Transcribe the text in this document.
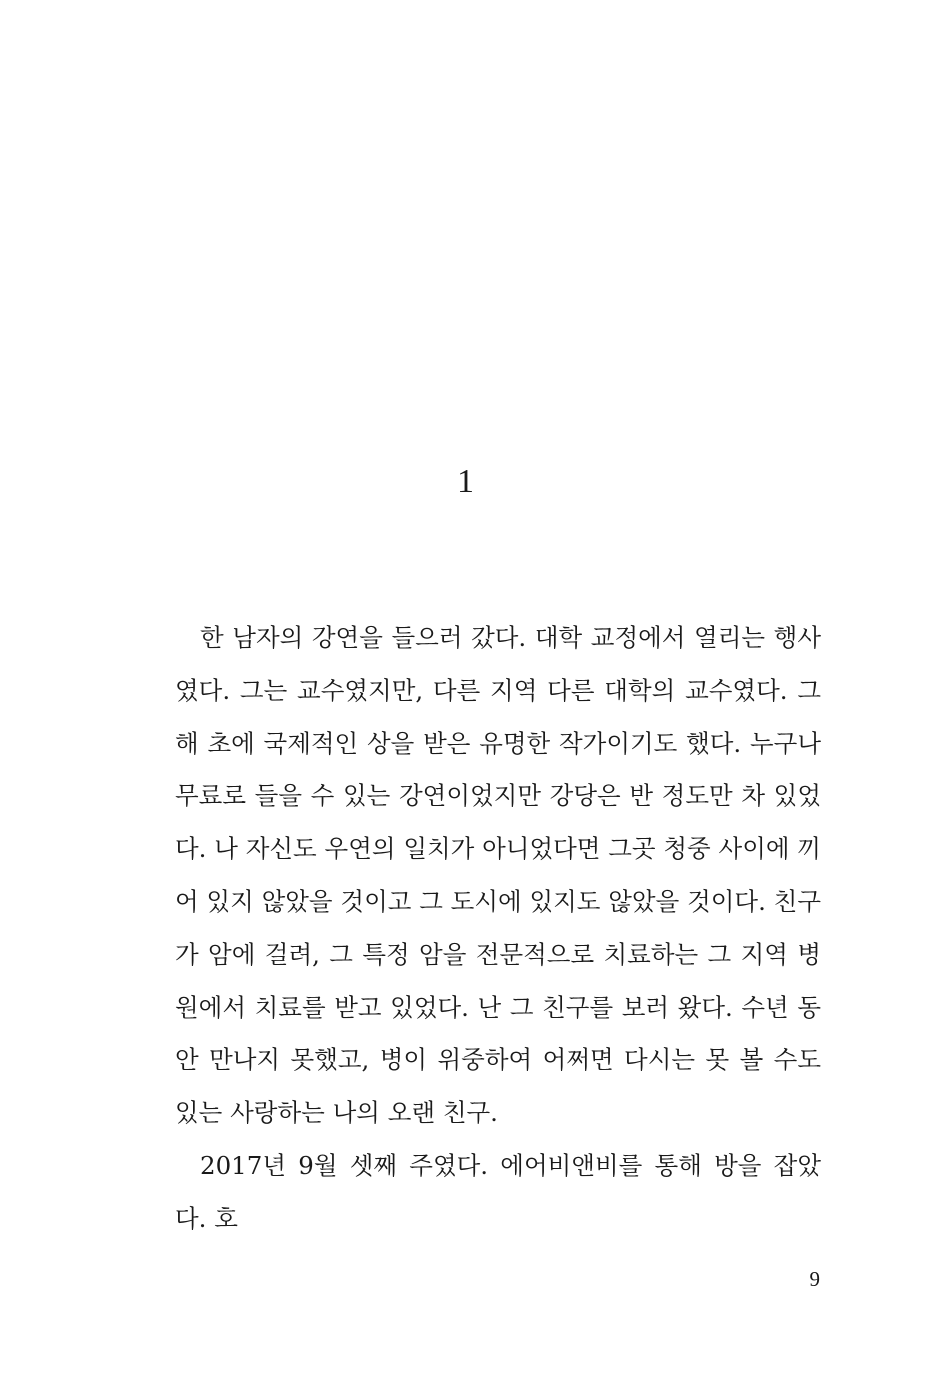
1

한 남자의 강연을 들으러 갔다. 대학 교정에서 열리는 행사였다. 그는 교수였지만, 다른 지역 다른 대학의 교수였다. 그해 초에 국제적인 상을 받은 유명한 작가이기도 했다. 누구나 무료로 들을 수 있는 강연이었지만 강당은 반 정도만 차 있었다. 나 자신도 우연의 일치가 아니었다면 그곳 청중 사이에 끼어 있지 않았을 것이고 그 도시에 있지도 않았을 것이다. 친구가 암에 걸려, 그 특정 암을 전문적으로 치료하는 그 지역 병원에서 치료를 받고 있었다. 난 그 친구를 보러 왔다. 수년 동안 만나지 못했고, 병이 위중하여 어쩌면 다시는 못 볼 수도 있는 사랑하는 나의 오랜 친구.

2017년 9월 셋째 주였다. 에어비앤비를 통해 방을 잡았다. 호

9
